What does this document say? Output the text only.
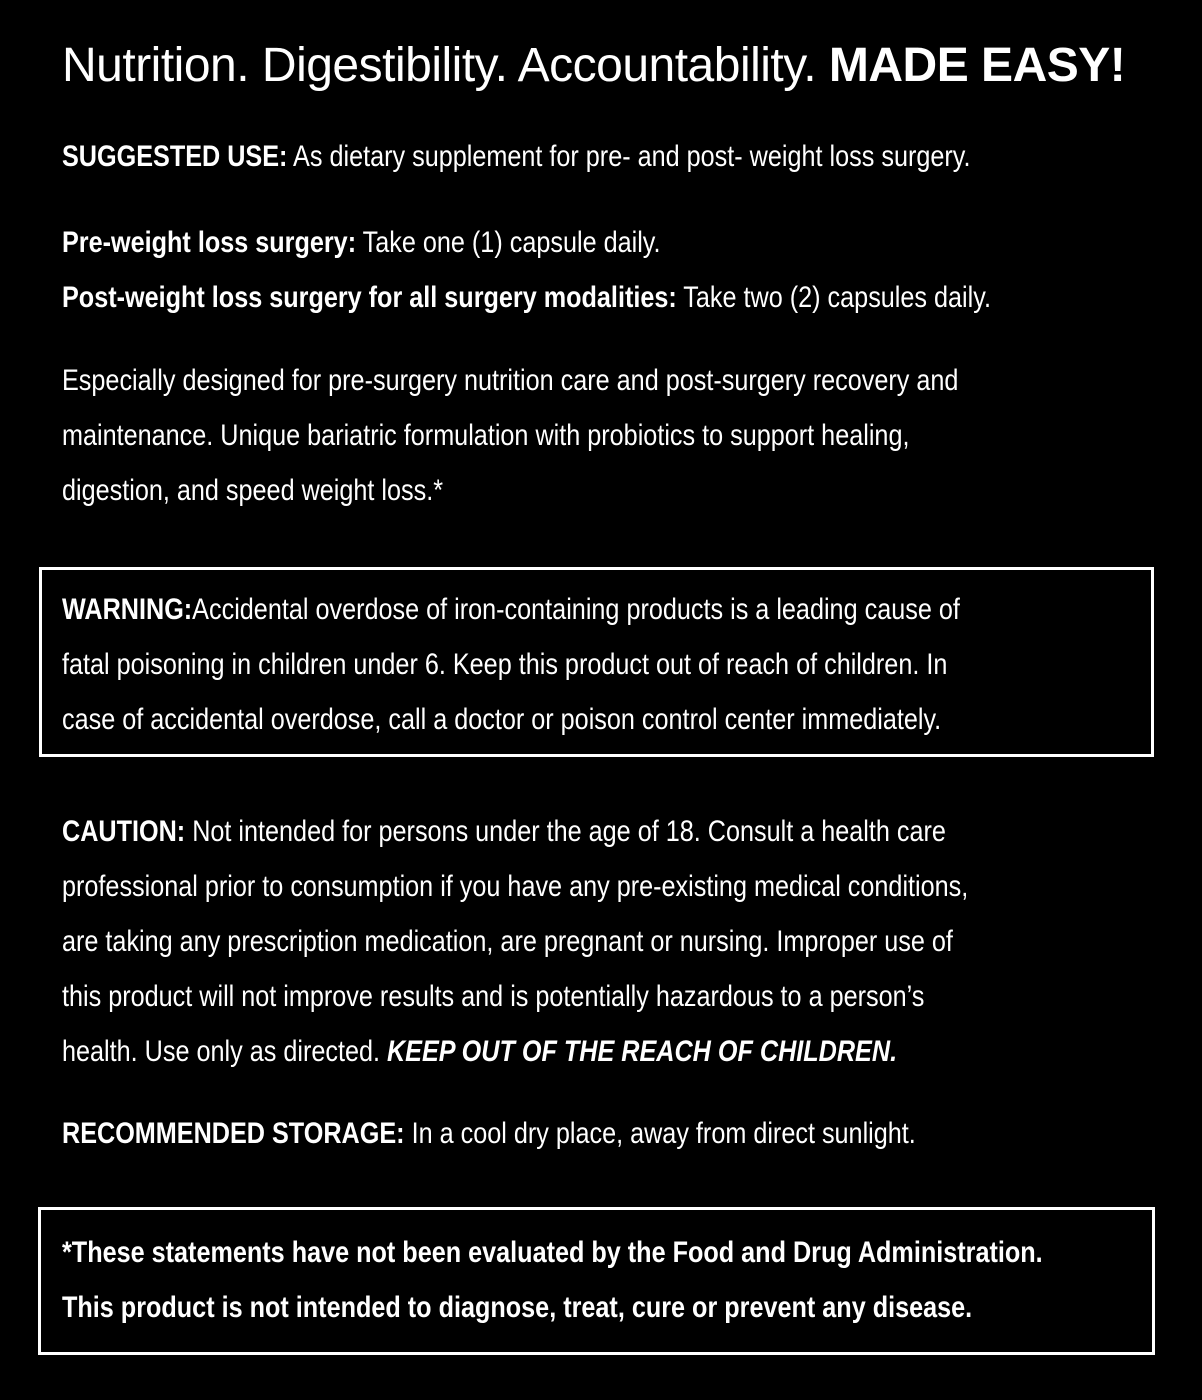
Nutrition. Digestibility. Accountability. MADE EASY!

SUGGESTED USE: As dietary supplement for pre- and post- weight loss surgery.

Pre-weight loss surgery: Take one (1) capsule daily.
Post-weight loss surgery for all surgery modalities: Take two (2) capsules daily.

Especially designed for pre-surgery nutrition care and post-surgery recovery and
maintenance. Unique bariatric formulation with probiotics to support healing,
digestion, and speed weight loss.*

WARNING:Accidental overdose of iron-containing products is a leading cause of
fatal poisoning in children under 6. Keep this product out of reach of children. In
case of accidental overdose, call a doctor or poison control center immediately.

CAUTION: Not intended for persons under the age of 18. Consult a health care
professional prior to consumption if you have any pre-existing medical conditions,
are taking any prescription medication, are pregnant or nursing. Improper use of
this product will not improve results and is potentially hazardous to a person’s
health. Use only as directed. KEEP OUT OF THE REACH OF CHILDREN.

RECOMMENDED STORAGE: In a cool dry place, away from direct sunlight.

*These statements have not been evaluated by the Food and Drug Administration.
This product is not intended to diagnose, treat, cure or prevent any disease.
